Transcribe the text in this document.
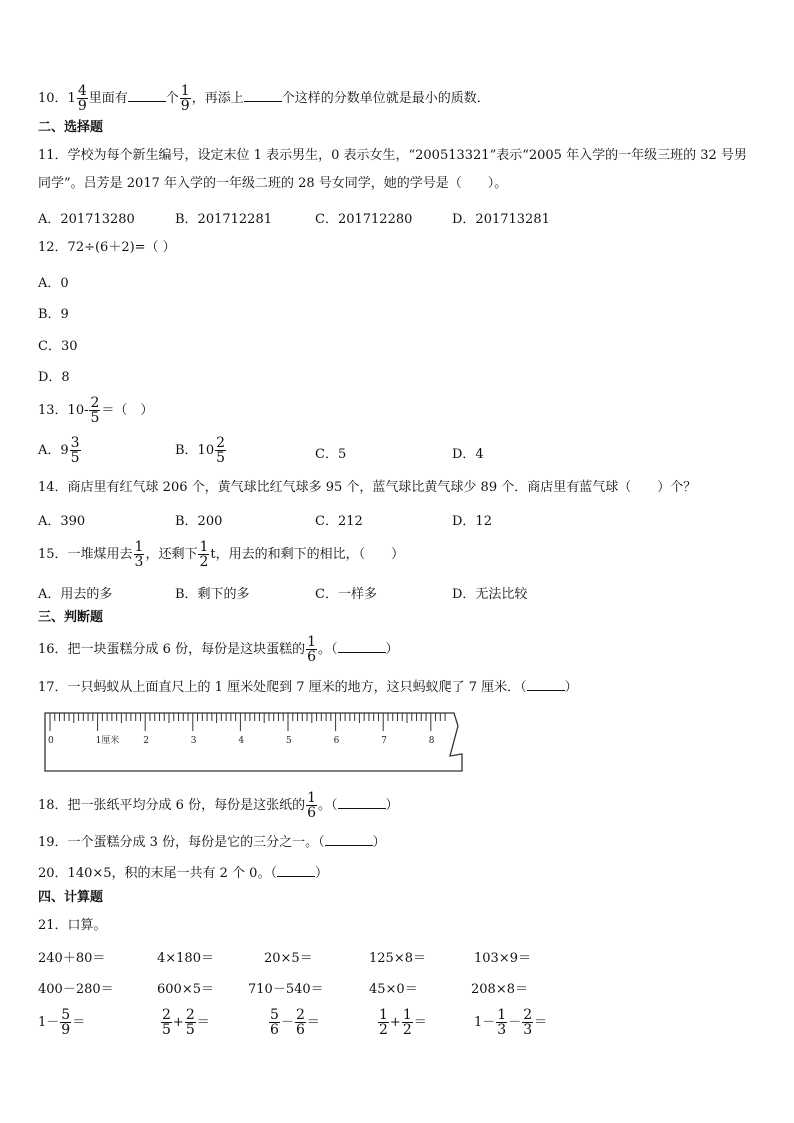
10．$1 \frac{4}{9}$ 里面有	个 $\frac{1}{9}$ ，再添上	个这样的分数单位就是最小的质数．
二、选择题
11．学校为每个新生编号，设定末位 1 表示男生，0 表示女生，“200513321”表示“2005 年入学的一年级三班的 32 号男
同学”。吕芳是 2017 年入学的一年级二班的 28 号女同学，她的学号是（　　）。
A．201713280	B．201712281	C．201712280	D．201713281
12．72÷(6＋2)=（ ）
A．0
B．9
C．30
D．8
13．$10- \frac{2}{5}$ ＝（　）
A．$9 \frac{3}{5}$	B．$10 \frac{2}{5}$	C．5	D．4
14．商店里有红气球 206 个，黄气球比红气球多 95 个，蓝气球比黄气球少 89 个．商店里有蓝气球（　　）个？
A．390	B．200	C．212	D．12
15．一堆煤用去 $\frac{1}{3}$ ，还剩下 $\frac{1}{2}$ t，用去的和剩下的相比，（　　）
A．用去的多	B．剩下的多	C．一样多	D．无法比较
三、判断题
16．把一块蛋糕分成 6 份，每份是这块蛋糕的 $\frac{1}{6}$ 。（	）
17．一只蚂蚁从上面直尺上的 1 厘米处爬到 7 厘米的地方，这只蚂蚁爬了 7 厘米．（	）
0	1厘米	2	3	4	5	6	7	8
18．把一张纸平均分成 6 份，每份是这张纸的 $\frac{1}{6}$ 。（	）
19．一个蛋糕分成 3 份，每份是它的三分之一。（	）
20．140×5，积的末尾一共有 2 个 0。（	）
四、计算题
21．口算。
240＋80＝	4×180＝	20×5＝	125×8＝	103×9＝
400－280＝	600×5＝	710－540＝	45×0＝	208×8＝
$1- \frac{5}{9}$ ＝	$\frac{2}{5} + \frac{2}{5}$ ＝	$\frac{5}{6} - \frac{2}{6}$ ＝	$\frac{1}{2} + \frac{1}{2}$ ＝	$1- \frac{1}{3} - \frac{2}{3}$ ＝
